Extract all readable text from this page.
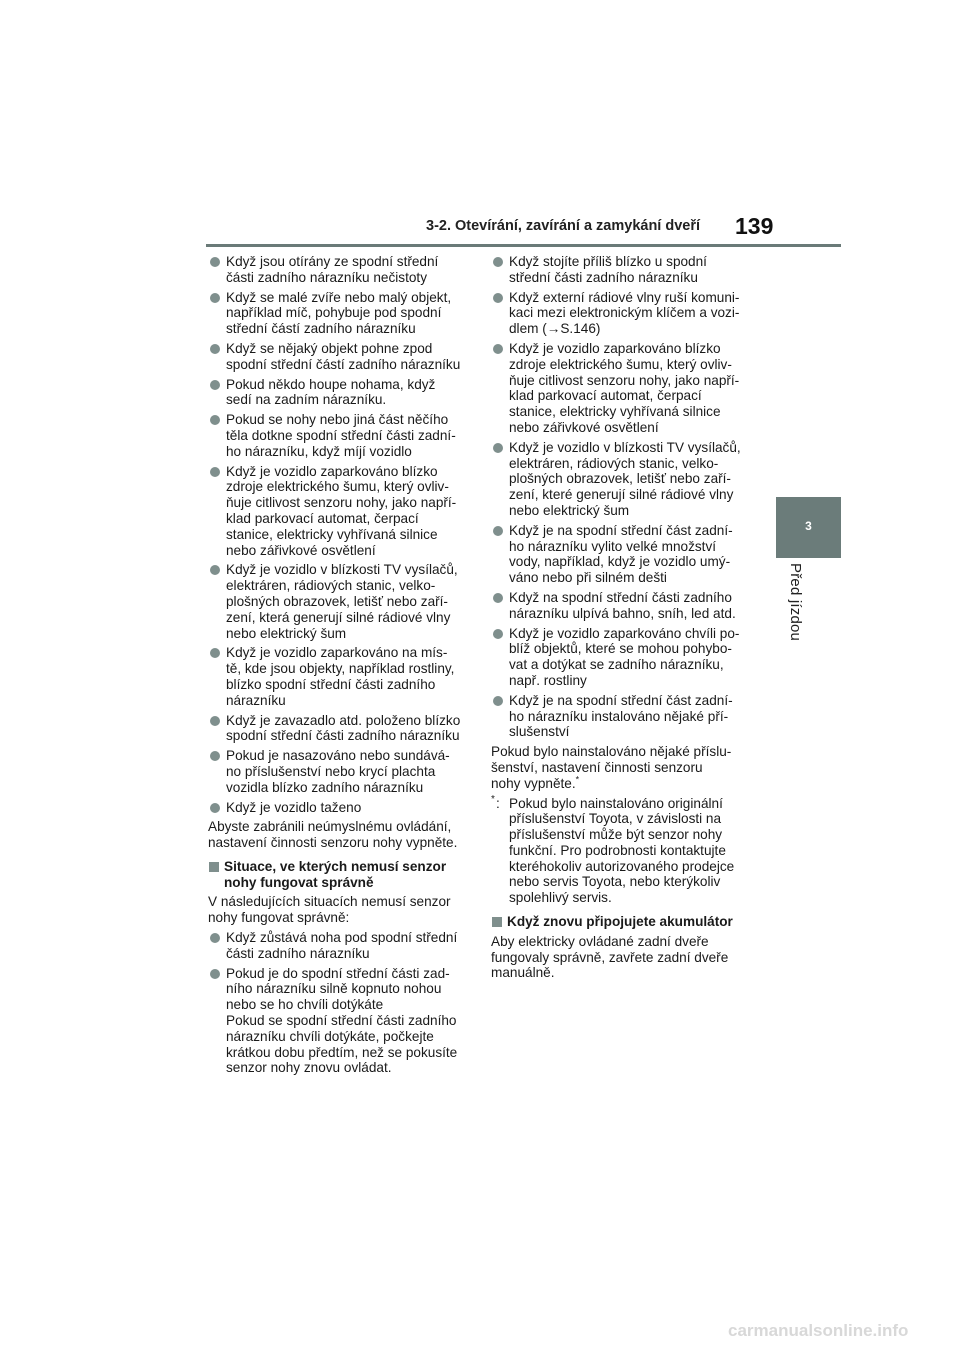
3-2. Otevírání, zavírání a zamykání dveří 139
3
Před jízdou
Když jsou otírány ze spodní střední
části zadního nárazníku nečistoty
Když se malé zvíře nebo malý objekt,
například míč, pohybuje pod spodní
střední částí zadního nárazníku
Když se nějaký objekt pohne zpod
spodní střední částí zadního nárazníku
Pokud někdo houpe nohama, když
sedí na zadním nárazníku.
Pokud se nohy nebo jiná část něčího
těla dotkne spodní střední části zadní-
ho nárazníku, když míjí vozidlo
Když je vozidlo zaparkováno blízko
zdroje elektrického šumu, který ovliv-
ňuje citlivost senzoru nohy, jako napří-
klad parkovací automat, čerpací
stanice, elektricky vyhřívaná silnice
nebo zářivkové osvětlení
Když je vozidlo v blízkosti TV vysílačů,
elektráren, rádiových stanic, velko-
plošných obrazovek, letišť nebo zaří-
zení, která generují silné rádiové vlny
nebo elektrický šum
Když je vozidlo zaparkováno na mís-
tě, kde jsou objekty, například rostliny,
blízko spodní střední části zadního
nárazníku
Když je zavazadlo atd. položeno blízko
spodní střední části zadního nárazníku
Pokud je nasazováno nebo sundává-
no příslušenství nebo krycí plachta
vozidla blízko zadního nárazníku
Když je vozidlo taženo

Abyste zabránili neúmyslnému ovládání,
nastavení činnosti senzoru nohy vypněte.

Situace, ve kterých nemusí senzor
nohy fungovat správně

V následujících situacích nemusí senzor
nohy fungovat správně:

Když zůstává noha pod spodní střední
části zadního nárazníku
Pokud je do spodní střední části zad-
ního nárazníku silně kopnuto nohou
nebo se ho chvíli dotýkáte
Pokud se spodní střední části zadního
nárazníku chvíli dotýkáte, počkejte
krátkou dobu předtím, než se pokusíte
senzor nohy znovu ovládat.
Když stojíte příliš blízko u spodní
střední části zadního nárazníku
Když externí rádiové vlny ruší komuni-
kaci mezi elektronickým klíčem a vozi-
dlem (→S.146)
Když je vozidlo zaparkováno blízko
zdroje elektrického šumu, který ovliv-
ňuje citlivost senzoru nohy, jako napří-
klad parkovací automat, čerpací
stanice, elektricky vyhřívaná silnice
nebo zářivkové osvětlení
Když je vozidlo v blízkosti TV vysílačů,
elektráren, rádiových stanic, velko-
plošných obrazovek, letišť nebo zaří-
zení, které generují silné rádiové vlny
nebo elektrický šum
Když je na spodní střední část zadní-
ho nárazníku vylito velké množství
vody, například, když je vozidlo umý-
váno nebo při silném dešti
Když na spodní střední části zadního
nárazníku ulpívá bahno, sníh, led atd.
Když je vozidlo zaparkováno chvíli po-
blíž objektů, které se mohou pohybo-
vat a dotýkat se zadního nárazníku,
např. rostliny
Když je na spodní střední část zadní-
ho nárazníku instalováno nějaké pří-
slušenství

Pokud bylo nainstalováno nějaké příslu-
šenství, nastavení činnosti senzoru
nohy vypněte.*

* : Pokud bylo nainstalováno originální
příslušenství Toyota, v závislosti na
příslušenství může být senzor nohy
funkční. Pro podrobnosti kontaktujte
kteréhokoliv autorizovaného prodejce
nebo servis Toyota, nebo kterýkoliv
spolehlivý servis.
Když znovu připojujete akumulátor

Aby elektricky ovládané zadní dveře
fungovaly správně, zavřete zadní dveře
manuálně.

carmanualsonline.info
